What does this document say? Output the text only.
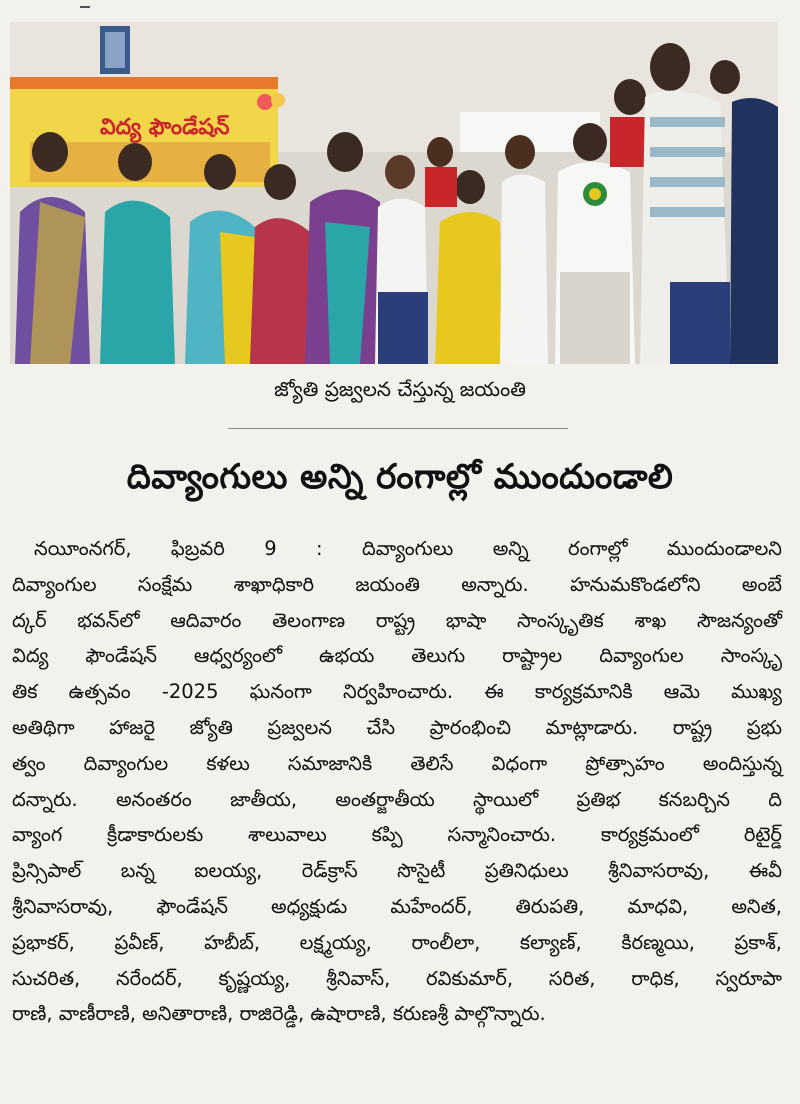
విద్య ఫౌండేషన్
జ్యోతి ప్రజ్వలన చేస్తున్న జయంతి
దివ్యాంగులు అన్ని రంగాల్లో ముందుండాలి
నయీంనగర్, ఫిబ్రవరి 9 : దివ్యాంగులు అన్ని రంగాల్లో ముందుండాలని
దివ్యాంగుల సంక్షేమ శాఖాధికారి జయంతి అన్నారు. హనుమకొండలోని అంబే
ద్కర్ భవన్‌లో ఆదివారం తెలంగాణ రాష్ట్ర భాషా సాంస్కృతిక శాఖ సౌజన్యంతో
విద్య ఫౌండేషన్ ఆధ్వర్యంలో ఉభయ తెలుగు రాష్ట్రాల దివ్యాంగుల సాంస్కృ
తిక ఉత్సవం -2025 ఘనంగా నిర్వహించారు. ఈ కార్యక్రమానికి ఆమె ముఖ్య
అతిథిగా హాజరై జ్యోతి ప్రజ్వలన చేసి ప్రారంభించి మాట్లాడారు. రాష్ట్ర ప్రభు
త్వం దివ్యాంగుల కళలు సమాజానికి తెలిసే విధంగా ప్రోత్సాహం అందిస్తున్న
దన్నారు. అనంతరం జాతీయ, అంతర్జాతీయ స్థాయిలో ప్రతిభ కనబర్చిన ది
వ్యాంగ క్రీడాకారులకు శాలువాలు కప్పి సన్మానించారు. కార్యక్రమంలో రిటైర్డ్
ప్రిన్సిపాల్ బన్న ఐలయ్య, రెడ్‌క్రాస్ సొసైటీ ప్రతినిధులు శ్రీనివాసరావు, ఈవీ
శ్రీనివాసరావు, ఫౌండేషన్ అధ్యక్షుడు మహేందర్, తిరుపతి, మాధవి, అనిత,
ప్రభాకర్, ప్రవీణ్, హబీబ్, లక్ష్మయ్య, రాంలీలా, కల్యాణ్, కిరణ్మయి, ప్రకాశ్,
సుచరిత, నరేందర్, కృష్ణయ్య, శ్రీనివాస్, రవికుమార్, సరిత, రాధిక, స్వరూపా
రాణి, వాణీరాణి, అనితారాణి, రాజిరెడ్డి, ఉషారాణి, కరుణశ్రీ పాల్గొన్నారు.
